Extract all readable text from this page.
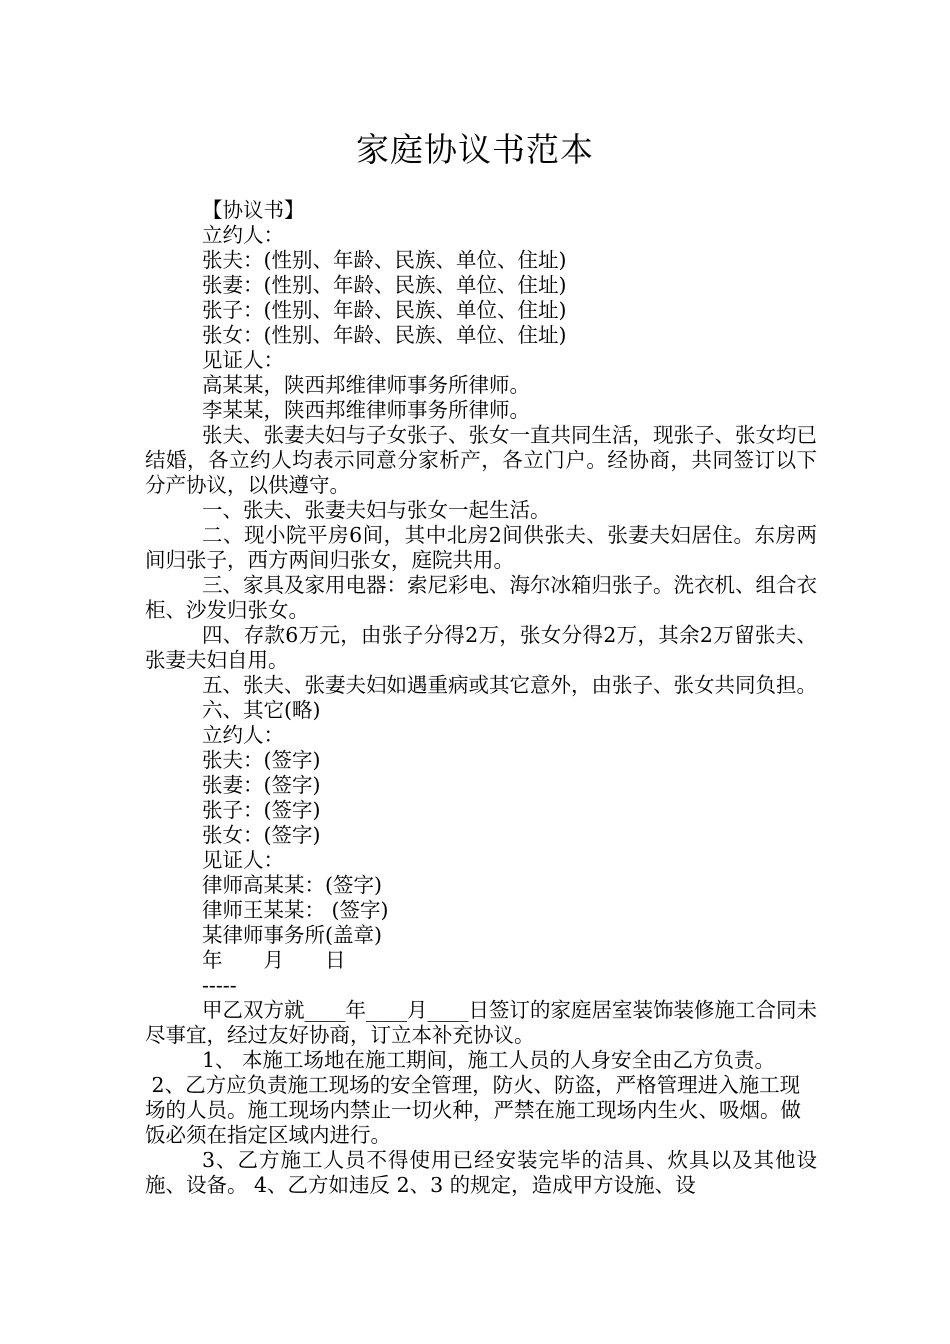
家庭协议书范本

【协议书】

立约人：

张夫：(性别、年龄、民族、单位、住址)

张妻：(性别、年龄、民族、单位、住址)

张子：(性别、年龄、民族、单位、住址)

张女：(性别、年龄、民族、单位、住址)

见证人：

高某某，陕西邦维律师事务所律师。

李某某，陕西邦维律师事务所律师。

张夫、张妻夫妇与子女张子、张女一直共同生活，现张子、张女均已结婚，各立约人均表示同意分家析产，各立门户。经协商，共同签订以下分产协议，以供遵守。

一、张夫、张妻夫妇与张女一起生活。

二、现小院平房6间，其中北房2间供张夫、张妻夫妇居住。东房两间归张子，西方两间归张女，庭院共用。

三、家具及家用电器：索尼彩电、海尔冰箱归张子。洗衣机、组合衣柜、沙发归张女。

四、存款6万元，由张子分得2万，张女分得2万，其余2万留张夫、张妻夫妇自用。

五、张夫、张妻夫妇如遇重病或其它意外，由张子、张女共同负担。

六、其它(略)

立约人：

张夫：(签字)

张妻：(签字)

张子：(签字)

张女：(签字)

见证人：

律师高某某：(签字)

律师王某某： (签字)

某律师事务所(盖章)

年　　月　　日

-----

甲乙双方就____年____月____日签订的家庭居室装饰装修施工合同未尽事宜，经过友好协商，订立本补充协议。

1、 本施工场地在施工期间，施工人员的人身安全由乙方负责。

2、乙方应负责施工现场的安全管理，防火、防盗，严格管理进入施工现场的人员。施工现场内禁止一切火种，严禁在施工现场内生火、吸烟。做饭必须在指定区域内进行。

3、乙方施工人员不得使用已经安装完毕的洁具、炊具以及其他设施、设备。 4、乙方如违反 2、3 的规定，造成甲方设施、设
